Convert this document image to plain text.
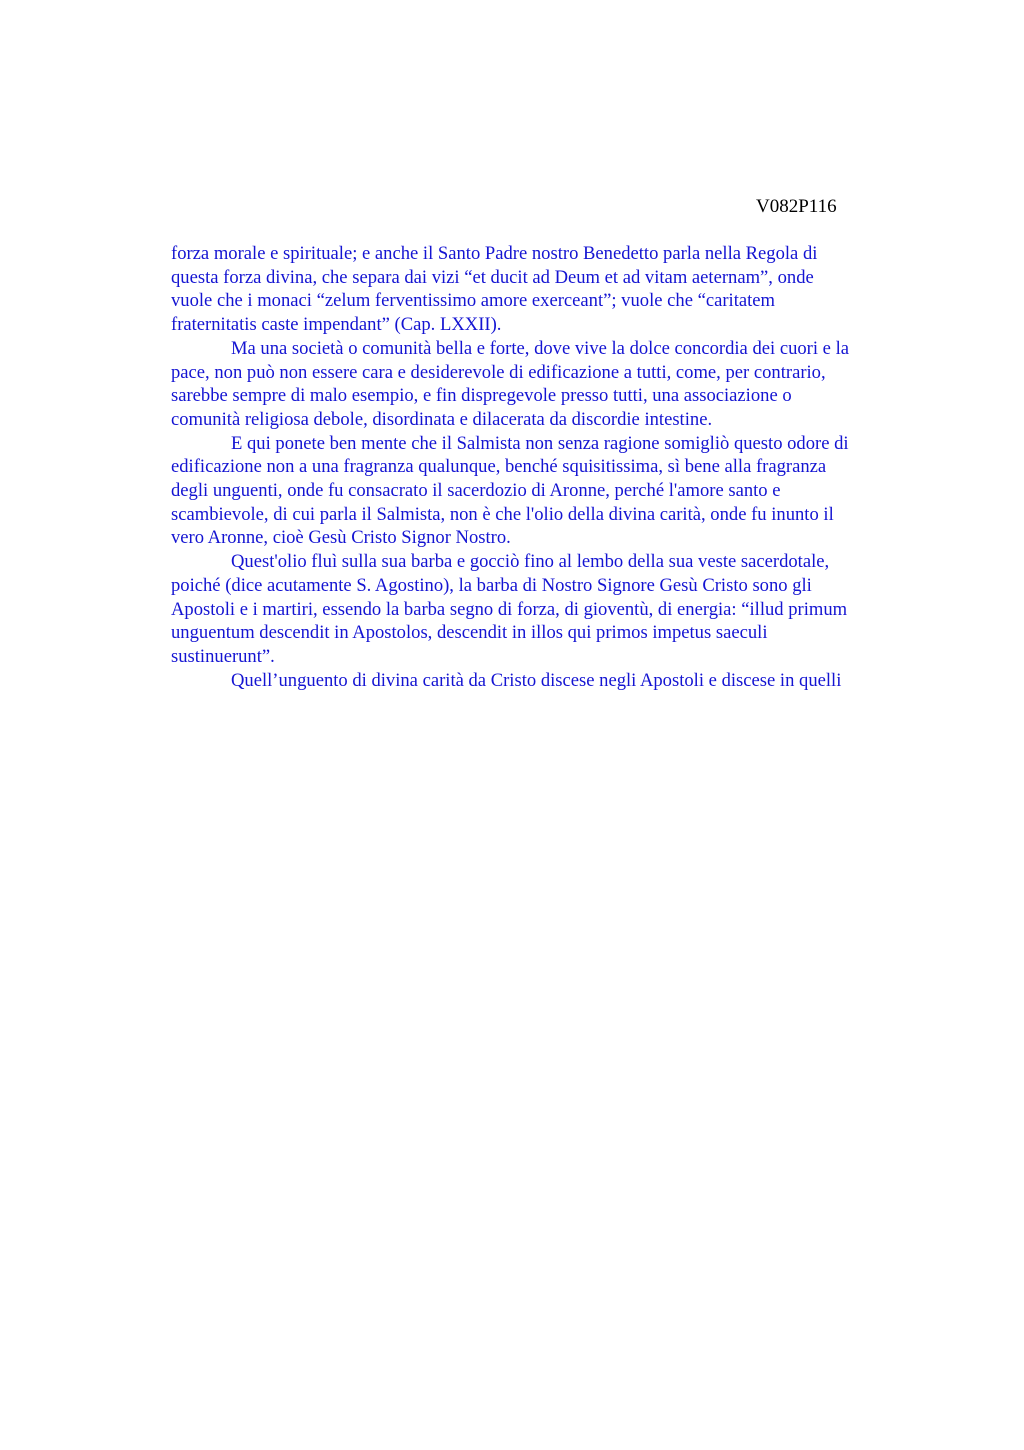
V082P116
forza morale e spirituale; e anche il Santo Padre nostro Benedetto parla nella Regola di
questa forza divina, che separa dai vizi “et ducit ad Deum et ad vitam aeternam”, onde
vuole che i monaci “zelum ferventissimo amore exerceant”; vuole che “caritatem
fraternitatis caste impendant” (Cap. LXXII).
Ma una società o comunità bella e forte, dove vive la dolce concordia dei cuori e la
pace, non può non essere cara e desiderevole di edificazione a tutti, come, per contrario,
sarebbe sempre di malo esempio, e fin dispregevole presso tutti, una associazione o
comunità religiosa debole, disordinata e dilacerata da discordie intestine.
E qui ponete ben mente che il Salmista non senza ragione somigliò questo odore di
edificazione non a una fragranza qualunque, benché squisitissima, sì bene alla fragranza
degli unguenti, onde fu consacrato il sacerdozio di Aronne, perché l'amore santo e
scambievole, di cui parla il Salmista, non è che l'olio della divina carità, onde fu inunto il
vero Aronne, cioè Gesù Cristo Signor Nostro.
Quest'olio fluì sulla sua barba e gocciò fino al lembo della sua veste sacerdotale,
poiché (dice acutamente S. Agostino), la barba di Nostro Signore Gesù Cristo sono gli
Apostoli e i martiri, essendo la barba segno di forza, di gioventù, di energia: “illud primum
unguentum descendit in Apostolos, descendit in illos qui primos impetus saeculi
sustinuerunt”.
Quell’unguento di divina carità da Cristo discese negli Apostoli e discese in quelli
